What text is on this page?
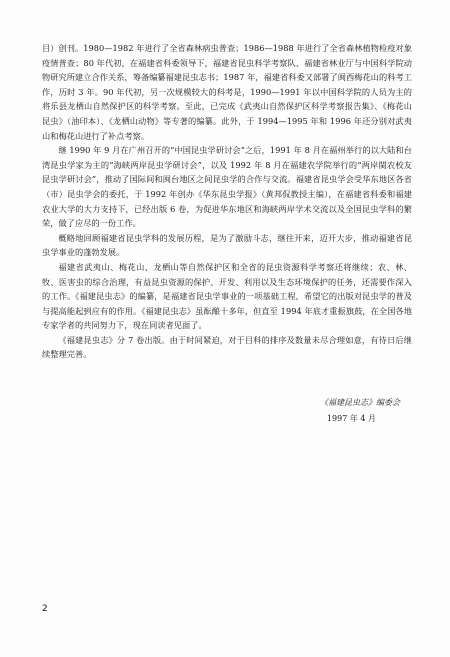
目）创刊。1980—1982 年进行了全省森林病虫普查；1986—1988 年进行了全省森林植物检疫对象疫情普查；80 年代初，在福建省科委领导下，福建省昆虫科学考察队、福建省林业厅与中国科学院动物研究所建立合作关系，筹备编纂福建昆虫志书；1987 年，福建省科委又部署了闽西梅花山的科考工作，历时 3 年。90 年代初，另一次规模较大的科考是，1990—1991 年以中国科学院的人员为主的将乐县龙栖山自然保护区的科学考察。至此，已完成《武夷山自然保护区科学考察报告集》、《梅花山昆虫》（油印本）、《龙栖山动物》等专著的编纂。此外，于 1994—1995 年和 1996 年还分别对武夷山和梅花山进行了补点考察。

继 1990 年 9 月在广州召开的“中国昆虫学研讨会”之后，1991 年 8 月在福州举行的以大陆和台湾昆虫学家为主的“海峡两岸昆虫学研讨会”，以及 1992 年 8 月在福建农学院举行的“两岸閩农校友昆虫学研讨会”，推动了国际间和闽台地区之间昆虫学的合作与交流。福建省昆虫学会受华东地区各省（市）昆虫学会的委托，于 1992 年创办《华东昆虫学报》（黄邦侃教授主编），在福建省科委和福建农业大学的大力支持下，已经出版 6 卷，为促进华东地区和海峡两岸学术交流以及全国昆虫学科的繁荣，做了应尽的一份工作。

概略地回顾福建省昆虫学科的发展历程，是为了激励斗志，继往开来，迈开大步，推动福建省昆虫学事业的蓬勃发展。

福建省武夷山、梅花山、龙栖山等自然保护区和全省的昆虫资源科学考察还将继续；农、林、牧、医害虫的综合治理，有益昆虫资源的保护、开发、利用以及生态环境保护的任务，还需要作深入的工作。《福建昆虫志》的编纂，是福建省昆虫学事业的一项基础工程，希望它的出版对昆虫学的普及与提高能起到应有的作用。《福建昆虫志》虽酝酿十多年，但直至 1994 年底才重振旗鼓，在全国各地专家学者的共同努力下，现在同读者见面了。

《福建昆虫志》分 7 卷出版。由于时间紧迫，对于目科的排序及数量未尽合理如意，有待日后继续整理完善。

《福建昆虫志》编委会
1997 年 4 月
2
